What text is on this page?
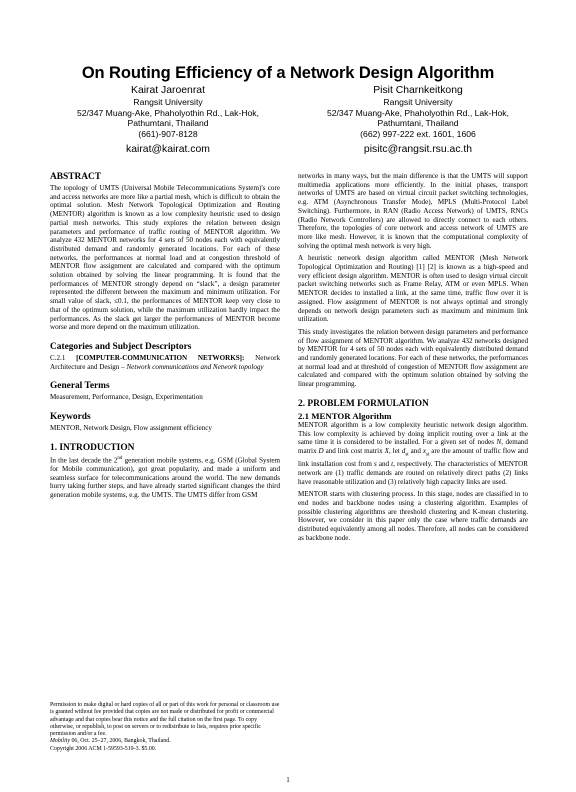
On Routing Efficiency of a Network Design Algorithm
Kairat Jaroenrat
Rangsit University
52/347 Muang-Ake, Phaholyothin Rd., Lak-Hok,
Pathumtani, Thailand
(661)-907-8128
kairat@kairat.com
Pisit Charnkeitkong
Rangsit University
52/347 Muang-Ake, Phaholyothin Rd., Lak-Hok,
Pathumtani, Thailand
(662) 997-222 ext. 1601, 1606
pisitc@rangsit.rsu.ac.th
ABSTRACT

The topology of UMTS (Universal Mobile Telecommunications System)'s core and access networks are more like a partial mesh, which is difficult to obtain the optimal solution. Mesh Network Topological Optimization and Routing (MENTOR) algorithm is known as a low complexity heuristic used to design partial mesh networks. This study explores the relation between design parameters and performance of traffic routing of MENTOR algorithm. We analyze 432 MENTOR networks for 4 sets of 50 nodes each with equivalently distributed demand and randomly generated locations. For each of these networks, the performances at normal load and at congestion threshold of MENTOR flow assignment are calculated and compared with the optimum solution obtained by solving the linear programming. It is found that the performances of MENTOR strongly depend on “slack”, a design parameter represented the different between the maximum and minimum utilization. For small value of slack, ≤0.1, the performances of MENTOR keep very close to that of the optimum solution, while the maximum utilization hardly impact the performances. As the slack get larger the performances of MENTOR become worse and more depend on the maximum utilization.

Categories and Subject Descriptors

C.2.1 [COMPUTER-COMMUNICATION NETWORKS]: Network Architecture and Design – Network communications and Network topology

General Terms

Measurement, Performance, Design, Experimentation

Keywords

MENTOR, Network Design, Flow assignment efficiency

1. INTRODUCTION

In the last decade the 2nd generation mobile systems, e.g. GSM (Global System for Mobile communication), got great popularity, and made a uniform and seamless surface for telecommunications around the world. The new demands hurry taking further steps, and have already started significant changes the third generation mobile systems, e.g. the UMTS. The UMTS differ from GSM

Permission to make digital or hard copies of all or part of this work for personal or classroom use is granted without fee provided that copies are not made or distributed for profit or commercial advantage and that copies bear this notice and the full citation on the first page. To copy otherwise, or republish, to post on servers or to redistribute to lists, requires prior specific permission and/or a fee.

Mobility 06, Oct. 25–27, 2006, Bangkok, Thailand.

Copyright 2006 ACM 1-59593-519-3. $5.00.

networks in many ways, but the main difference is that the UMTS will support multimedia applications more efficiently. In the initial phases, transport networks of UMTS are based on virtual circuit packet switching technologies, e.g. ATM (Asynchronous Transfer Mode), MPLS (Multi-Protocol Label Switching). Furthermore, in RAN (Radio Access Network) of UMTS, RNCs (Radio Network Controllers) are allowed to directly connect to each others. Therefore, the topologies of core network and access network of UMTS are more like mesh. However, it is known that the computational complexity of solving the optimal mesh network is very high.

A heuristic network design algorithm called MENTOR (Mesh Network Topological Optimization and Routing) [1] [2] is known as a high-speed and very efficient design algorithm. MENTOR is often used to design virtual circuit packet switching networks such as Frame Relay, ATM or even MPLS. When MENTOR decides to installed a link, at the same time, traffic flow over it is assigned. Flow assignment of MENTOR is not always optimal and strongly depends on network design parameters such as maximum and minimum link utilization.

This study investigates the relation between design parameters and performance of flow assignment of MENTOR algorithm. We analyze 432 networks designed by MENTOR for 4 sets of 50 nodes each with equivalently distributed demand and randomly generated locations. For each of these networks, the performances at normal load and at threshold of congestion of MENTOR flow assignment are calculated and compared with the optimum solution obtained by solving the linear programming.

2. PROBLEM FORMULATION
2.1 MENTOR Algorithm

MENTOR algorithm is a low complexity heuristic network design algorithm. This low complexity is achieved by doing implicit routing over a link at the same time it is considered to be installed. For a given set of nodes N, demand matrix D and link cost matrix X, let $d_{st}$ and $x_{st}$ are the amount of traffic flow and link installation cost from s and t, respectively. The characteristics of MENTOR network are (1) traffic demands are routed on relatively direct paths (2) links have reasonable utilization and (3) relatively high capacity links are used.

MENTOR starts with clustering process. In this stage, nodes are classified in to end nodes and backbone nodes using a clustering algorithm. Examples of possible clustering algorithms are threshold clustering and K-mean clustering. However, we consider in this paper only the case where traffic demands are distributed equivalently among all nodes. Therefore, all nodes can be considered as backbone node.

1
